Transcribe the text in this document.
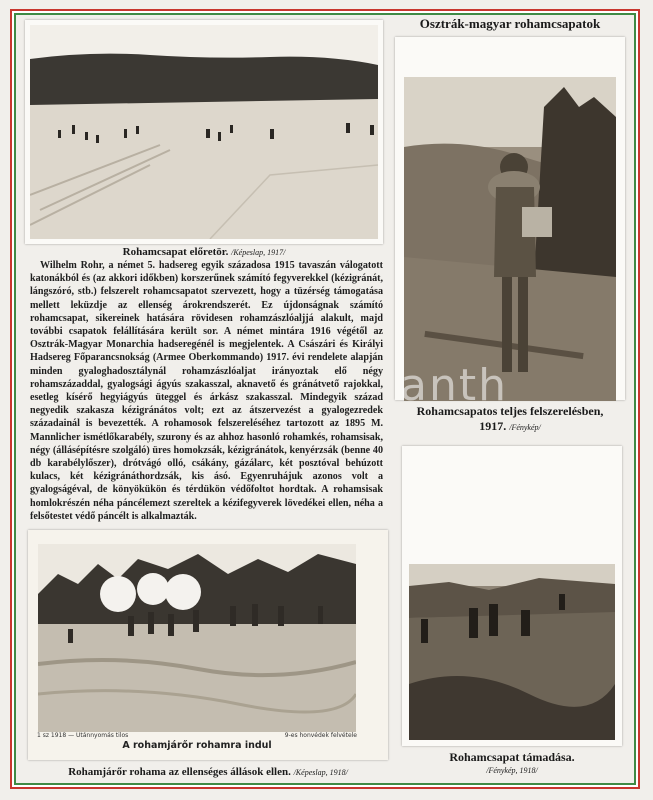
Osztrák-magyar rohamcsapatok
Rohamcsapat előretör. /Képeslap, 1917/
Wilhelm Rohr, a német 5. hadsereg egyik századosa 1915 tavaszán válogatott katonákból és (az akkori időkben) korszerűnek számító fegyverekkel (kézigránát, lángszóró, stb.) felszerelt rohamcsapatot szervezett, hogy a tüzérség támogatása mellett leküzdje az ellenség árokrendszerét. Ez újdonságnak számító rohamcsapat, sikereinek hatására rövidesen rohamzászlóaljjá alakult, majd további csapatok felállítására került sor. A német mintára 1916 végétől az Osztrák-Magyar Monarchia hadseregénél is megjelentek. A Császári és Királyi Hadsereg Főparancsnokság (Armee Oberkommando) 1917. évi rendelete alapján minden gyaloghadosztálynál rohamzászlóaljat irányoztak elő négy rohamszázaddal, gyalogsági ágyús szakasszal, aknavető és gránátvető rajokkal, esetleg kísérő hegyiágyús üteggel és árkász szakasszal. Mindegyik század negyedik szakasza kézigránátos volt; ezt az átszervezést a gyalogezredek századainál is bevezették. A rohamosok felszereléséhez tartozott az 1895 M. Mannlicher ismétlőkarabély, szurony és az ahhoz hasonló rohamkés, rohamsisak, négy (állásépítésre szolgáló) üres homokzsák, kézigránátok, kenyérzsák (benne 40 db karabélylőszer), drótvágó olló, csákány, gázálarc, két posztóval behúzott kulacs, két kézigránáthordzsák, kis ásó. Egyenruhájuk azonos volt a gyalogságéval, de könyökükön és térdükön védőfoltot hordtak. A rohamsisak homlokrészén néha páncélemezt szereltek a kézifegyverek lövedékei ellen, néha a felsőtestet védő páncélt is alkalmazták.
Rohamcsapatos teljes felszerelésben,
1917. /Fénykép/
1 sz 1918 — Utánnyomás tilos	9-es honvédek felvétele
A rohamjárőr rohamra indul
Rohamjárőr rohama az ellenséges állások ellen. /Képeslap, 1918/
Rohamcsapat támadása.
/Fénykép, 1918/
anth
